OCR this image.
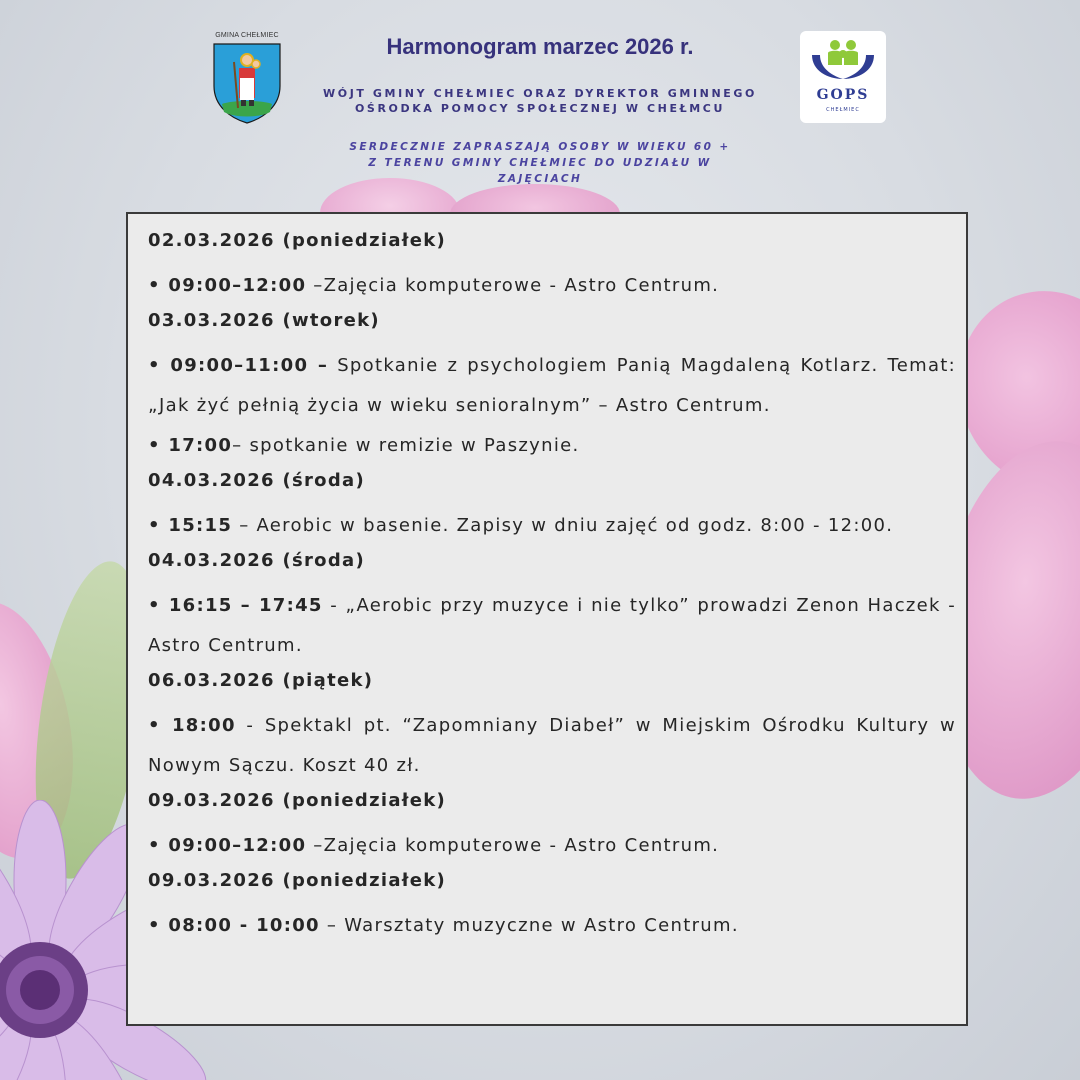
GMINA CHEŁMIEC	Harmonogram marzec 2026 r.
WÓJT GMINY CHEŁMIEC ORAZ DYREKTOR GMINNEGO
OŚRODKA POMOCY SPOŁECZNEJ W CHEŁMCU
SERDECZNIE ZAPRASZAJĄ OSOBY W WIEKU 60 +
Z TERENU GMINY CHEŁMIEC DO UDZIAŁU W
ZAJĘCIACH
GOPS
CHEŁMIEC
02.03.2026 (poniedziałek)
• 09:00–12:00 –Zajęcia komputerowe - Astro Centrum.
03.03.2026 (wtorek)
• 09:00–11:00 – Spotkanie z psychologiem Panią Magdaleną Kotlarz. Temat: „Jak żyć pełnią życia w wieku senioralnym” – Astro Centrum.
• 17:00– spotkanie w remizie w Paszynie.
04.03.2026 (środa)
• 15:15 – Aerobic w basenie. Zapisy w dniu zajęć od godz. 8:00 - 12:00.
04.03.2026 (środa)
• 16:15 – 17:45 - „Aerobic przy muzyce i nie tylko” prowadzi Zenon Haczek - Astro Centrum.
06.03.2026 (piątek)
• 18:00 - Spektakl pt. “Zapomniany Diabeł” w Miejskim Ośrodku Kultury w Nowym Sączu. Koszt 40 zł.
09.03.2026 (poniedziałek)
• 09:00–12:00 –Zajęcia komputerowe - Astro Centrum.
09.03.2026 (poniedziałek)
• 08:00 - 10:00 – Warsztaty muzyczne w Astro Centrum.
